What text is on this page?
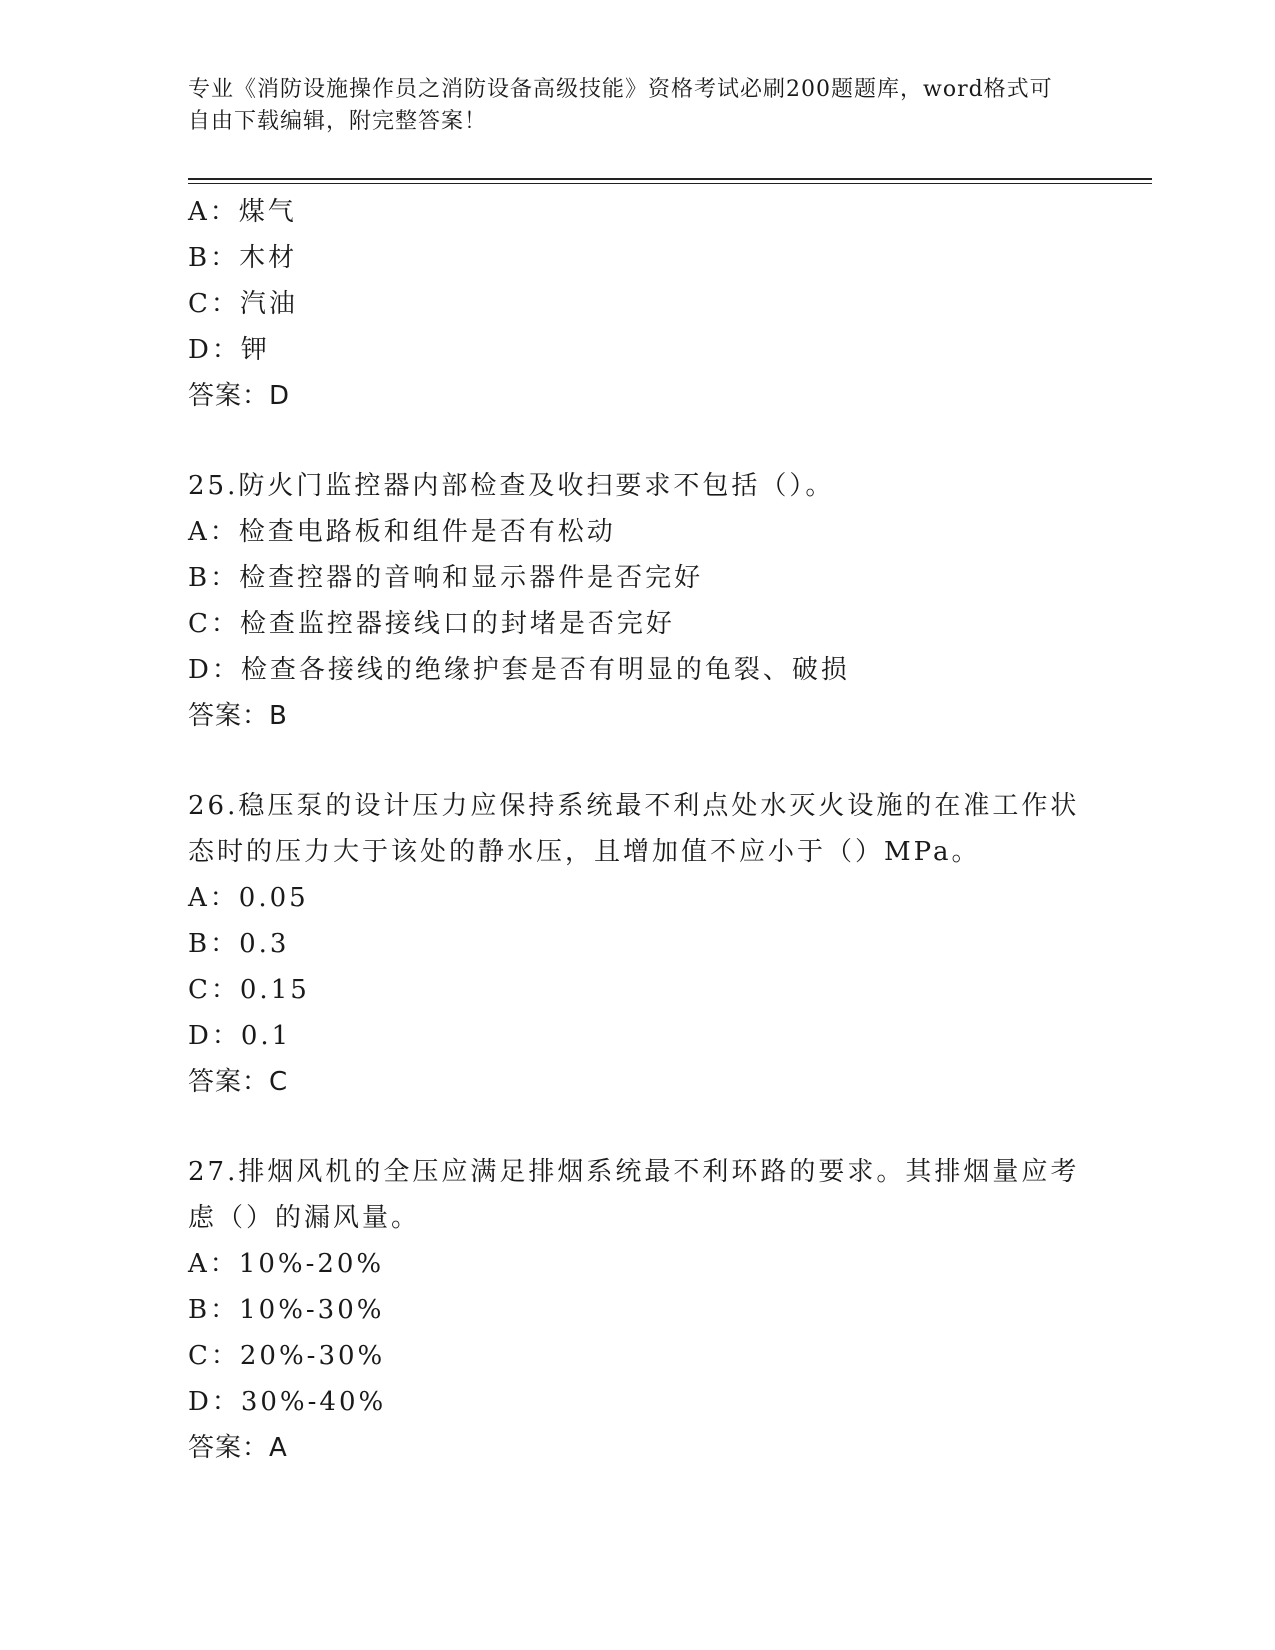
专业《消防设施操作员之消防设备高级技能》资格考试必刷200题题库，word格式可自由下载编辑，附完整答案！
A：煤气
B：木材
C：汽油
D：钾
答案：D
25.防火门监控器内部检查及收扫要求不包括（）。
A：检查电路板和组件是否有松动
B：检查控器的音响和显示器件是否完好
C：检查监控器接线口的封堵是否完好
D：检查各接线的绝缘护套是否有明显的龟裂、破损
答案：B
26.稳压泵的设计压力应保持系统最不利点处水灭火设施的在准工作状态时的压力大于该处的静水压，且增加值不应小于（）MPa。
A：0.05
B：0.3
C：0.15
D：0.1
答案：C
27.排烟风机的全压应满足排烟系统最不利环路的要求。其排烟量应考虑（）的漏风量。
A：10%-20%
B：10%-30%
C：20%-30%
D：30%-40%
答案：A
